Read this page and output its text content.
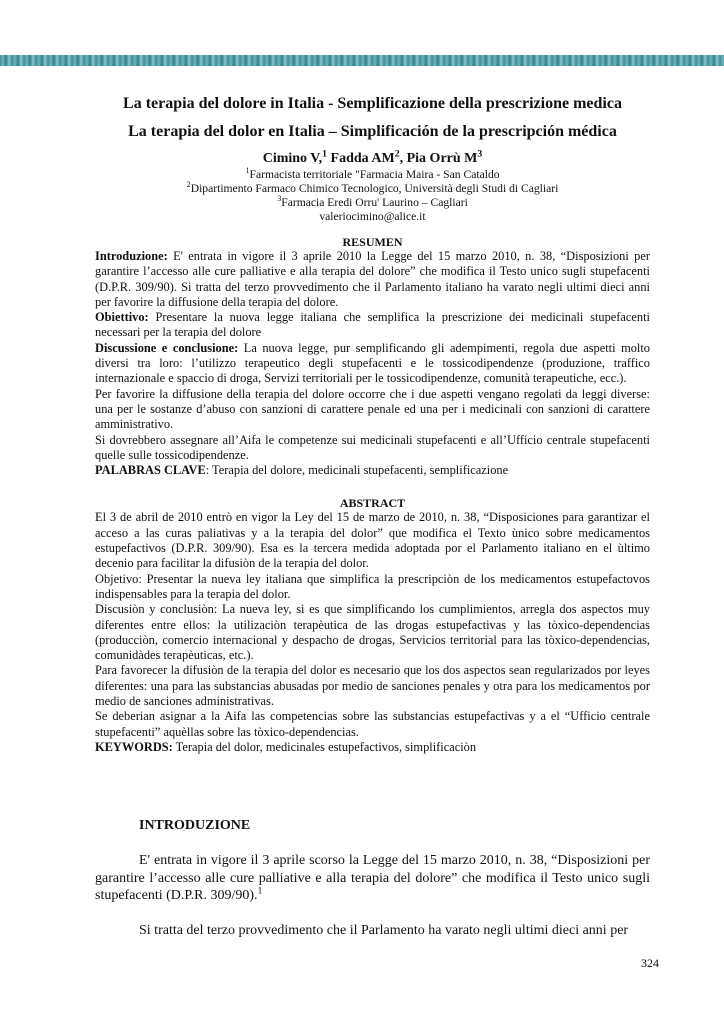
La terapia del dolore in Italia - Semplificazione della prescrizione medica
La terapia del dolor en Italia – Simplificación de la prescripción médica
Cimino V,$^1$ Fadda $AM^2$, Pia Orrù $M^3$
$^1$Farmacista territoriale "Farmacia Maira - San Cataldo
$^2$Dipartimento Farmaco Chimico Tecnologico, Università degli Studi di Cagliari
$^3$Farmacia Eredi Orru' Laurino – Cagliari
valeriocimino@alice.it
RESUMEN

Introduzione: E' entrata in vigore il 3 aprile 2010 la Legge del 15 marzo 2010, n. 38, “Disposizioni per garantire l’accesso alle cure palliative e alla terapia del dolore” che modifica il Testo unico sugli stupefacenti (D.P.R. 309/90). Si tratta del terzo provvedimento che il Parlamento italiano ha varato negli ultimi dieci anni per favorire la diffusione della terapia del dolore.

Obiettivo: Presentare la nuova legge italiana che semplifica la prescrizione dei medicinali stupefacenti necessari per la terapia del dolore

Discussione e conclusione: La nuova legge, pur semplificando gli adempimenti, regola due aspetti molto diversi tra loro: l’utilizzo terapeutico degli stupefacenti e le tossicodipendenze (produzione, traffico internazionale e spaccio di droga, Servizi territoriali per le tossicodipendenze, comunità terapeutiche, ecc.).

Per favorire la diffusione della terapia del dolore occorre che i due aspetti vengano regolati da leggi diverse: una per le sostanze d’abuso con sanzioni di carattere penale ed una per i medicinali con sanzioni di carattere amministrativo.

Si dovrebbero assegnare all’Aifa le competenze sui medicinali stupefacenti e all’Ufficio centrale stupefacenti quelle sulle tossicodipendenze.

PALABRAS CLAVE: Terapia del dolore, medicinali stupefacenti, semplificazione

ABSTRACT

El 3 de abril de 2010 entrò en vigor la Ley del 15 de marzo de 2010, n. 38, “Disposiciones para garantizar el acceso a las curas paliativas y a la terapia del dolor” que modifica el Texto ùnico sobre medicamentos estupefactivos (D.P.R. 309/90). Esa es la tercera medida adoptada por el Parlamento italiano en el ùltimo decenio para facilitar la difusiòn de la terapia del dolor.

Objetivo: Presentar la nueva ley italiana que simplifica la prescripciòn de los medicamentos estupefactovos indispensables para la terapia del dolor.

Discusiòn y conclusiòn: La nueva ley, si es que simplificando los cumplimientos, arregla dos aspectos muy diferentes entre ellos: la utilizaciòn terapèutica de las drogas estupefactivas y las tòxico-dependencias (producciòn, comercio internacional y despacho de drogas, Servicios territorial para las tòxico-dependencias, comunidàdes terapèuticas, etc.).

Para favorecer la difusiòn de la terapia del dolor es necesario que los dos aspectos sean regularizados por leyes diferentes: una para las substancias abusadas por medio de sanciones penales y otra para los medicamentos por medio de sanciones administrativas.

Se deberian asignar a la Aifa las competencias sobre las substancias estupefactivas y a el “Ufficio centrale stupefacenti” aquèllas sobre las tòxico-dependencias.

KEYWORDS: Terapia del dolor, medicinales estupefactivos, simplificaciòn

INTRODUZIONE

E' entrata in vigore il 3 aprile scorso la Legge del 15 marzo 2010, n. 38, “Disposizioni per garantire l’accesso alle cure palliative e alla terapia del dolore” che modifica il Testo unico sugli stupefacenti (D.P.R. 309/90).$^1$

Si tratta del terzo provvedimento che il Parlamento ha varato negli ultimi dieci anni per

324
